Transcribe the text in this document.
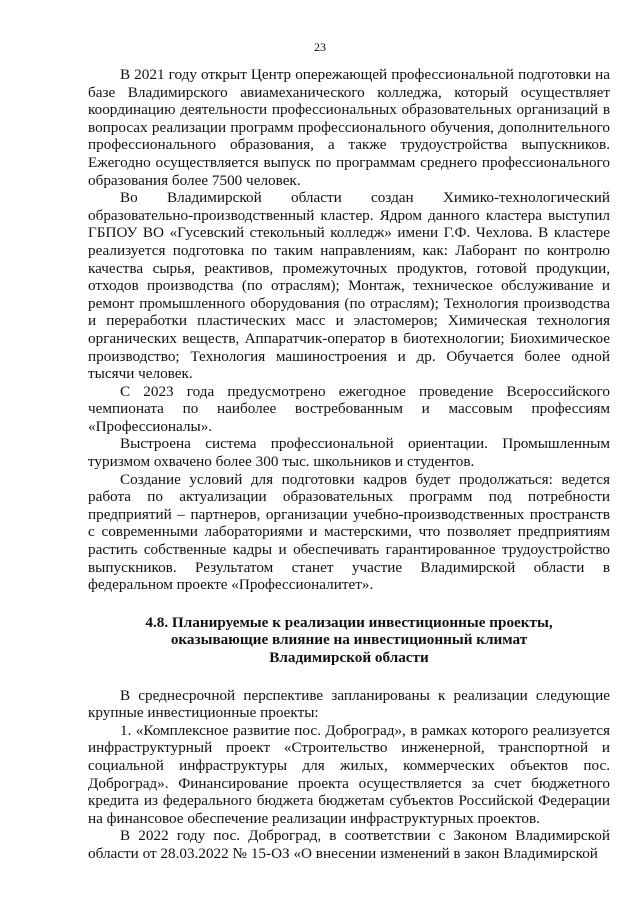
23

В 2021 году открыт Центр опережающей профессиональной подготовки на базе Владимирского авиамеханического колледжа, который осуществляет координацию деятельности профессиональных образовательных организаций в вопросах реализации программ профессионального обучения, дополнительного профессионального образования, а также трудоустройства выпускников. Ежегодно осуществляется выпуск по программам среднего профессионального образования более 7500 человек.

Во Владимирской области создан Химико-технологический образовательно-производственный кластер. Ядром данного кластера выступил ГБПОУ ВО «Гусевский стекольный колледж» имени Г.Ф. Чехлова. В кластере реализуется подготовка по таким направлениям, как: Лаборант по контролю качества сырья, реактивов, промежуточных продуктов, готовой продукции, отходов производства (по отраслям); Монтаж, техническое обслуживание и ремонт промышленного оборудования (по отраслям); Технология производства и переработки пластических масс и эластомеров; Химическая технология органических веществ, Аппаратчик-оператор в биотехнологии; Биохимическое производство; Технология машиностроения и др. Обучается более одной тысячи человек.

С 2023 года предусмотрено ежегодное проведение Всероссийского чемпионата по наиболее востребованным и массовым профессиям «Профессионалы».

Выстроена система профессиональной ориентации. Промышленным туризмом охвачено более 300 тыс. школьников и студентов.

Создание условий для подготовки кадров будет продолжаться: ведется работа по актуализации образовательных программ под потребности предприятий – партнеров, организации учебно-производственных пространств с современными лабораториями и мастерскими, что позволяет предприятиям растить собственные кадры и обеспечивать гарантированное трудоустройство выпускников. Результатом станет участие Владимирской области в федеральном проекте «Профессионалитет».

4.8. Планируемые к реализации инвестиционные проекты,
оказывающие влияние на инвестиционный климат
Владимирской области

В среднесрочной перспективе запланированы к реализации следующие крупные инвестиционные проекты:

1. «Комплексное развитие пос. Доброград», в рамках которого реализуется инфраструктурный проект «Строительство инженерной, транспортной и социальной инфраструктуры для жилых, коммерческих объектов пос. Доброград». Финансирование проекта осуществляется за счет бюджетного кредита из федерального бюджета бюджетам субъектов Российской Федерации на финансовое обеспечение реализации инфраструктурных проектов.

В 2022 году пос. Доброград, в соответствии с Законом Владимирской области от 28.03.2022 № 15-ОЗ «О внесении изменений в закон Владимирской
